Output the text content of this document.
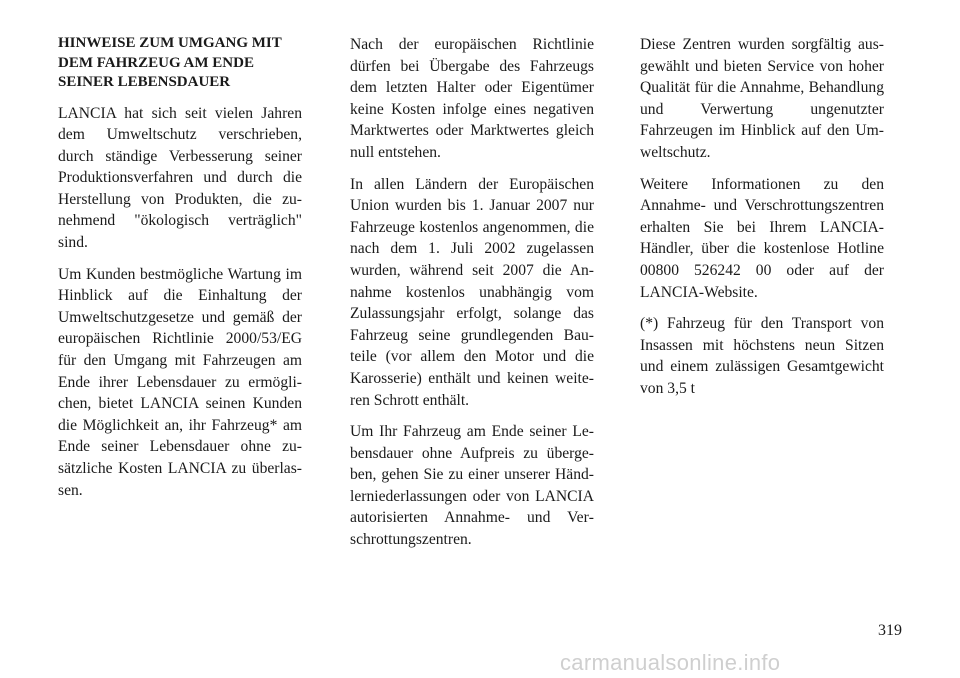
HINWEISE ZUM UMGANG MIT
DEM FAHRZEUG AM ENDE
SEINER LEBENSDAUER

LANCIA hat sich seit vielen Jahren dem Umweltschutz verschrieben, durch ständige Verbesserung seiner Produktionsverfahren und durch die Herstellung von Produkten, die zunehmend "ökologisch verträglich" sind.

Um Kunden bestmögliche Wartung im Hinblick auf die Einhaltung der Umweltschutzgesetze und gemäß der europäischen Richtlinie 2000/53/EG für den Umgang mit Fahrzeugen am Ende ihrer Lebensdauer zu ermöglichen, bietet LANCIA seinen Kunden die Möglichkeit an, ihr Fahrzeug* am Ende seiner Lebensdauer ohne zusätzliche Kosten LANCIA zu überlassen.

Nach der europäischen Richtlinie dürfen bei Übergabe des Fahrzeugs dem letzten Halter oder Eigentümer keine Kosten infolge eines negativen Marktwertes oder Marktwertes gleich null entstehen.

In allen Ländern der Europäischen Union wurden bis 1. Januar 2007 nur Fahrzeuge kostenlos angenommen, die nach dem 1. Juli 2002 zugelassen wurden, während seit 2007 die Annahme kostenlos unabhängig vom Zulassungsjahr erfolgt, solange das Fahrzeug seine grundlegenden Bauteile (vor allem den Motor und die Karosserie) enthält und keinen weiteren Schrott enthält.

Um Ihr Fahrzeug am Ende seiner Lebensdauer ohne Aufpreis zu übergeben, gehen Sie zu einer unserer Händlerniederlassungen oder von LANCIA autorisierten Annahme- und Verschrottungszentren.

Diese Zentren wurden sorgfältig ausgewählt und bieten Service von hoher Qualität für die Annahme, Behandlung und Verwertung ungenutzter Fahrzeugen im Hinblick auf den Umweltschutz.

Weitere Informationen zu den Annahme- und Verschrottungszentren erhalten Sie bei Ihrem LANCIA-Händler, über die kostenlose Hotline 00800 526242 00 oder auf der LANCIA-Website.

(*) Fahrzeug für den Transport von Insassen mit höchstens neun Sitzen und einem zulässigen Gesamtgewicht von 3,5 t

319
carmanualsonline.info
